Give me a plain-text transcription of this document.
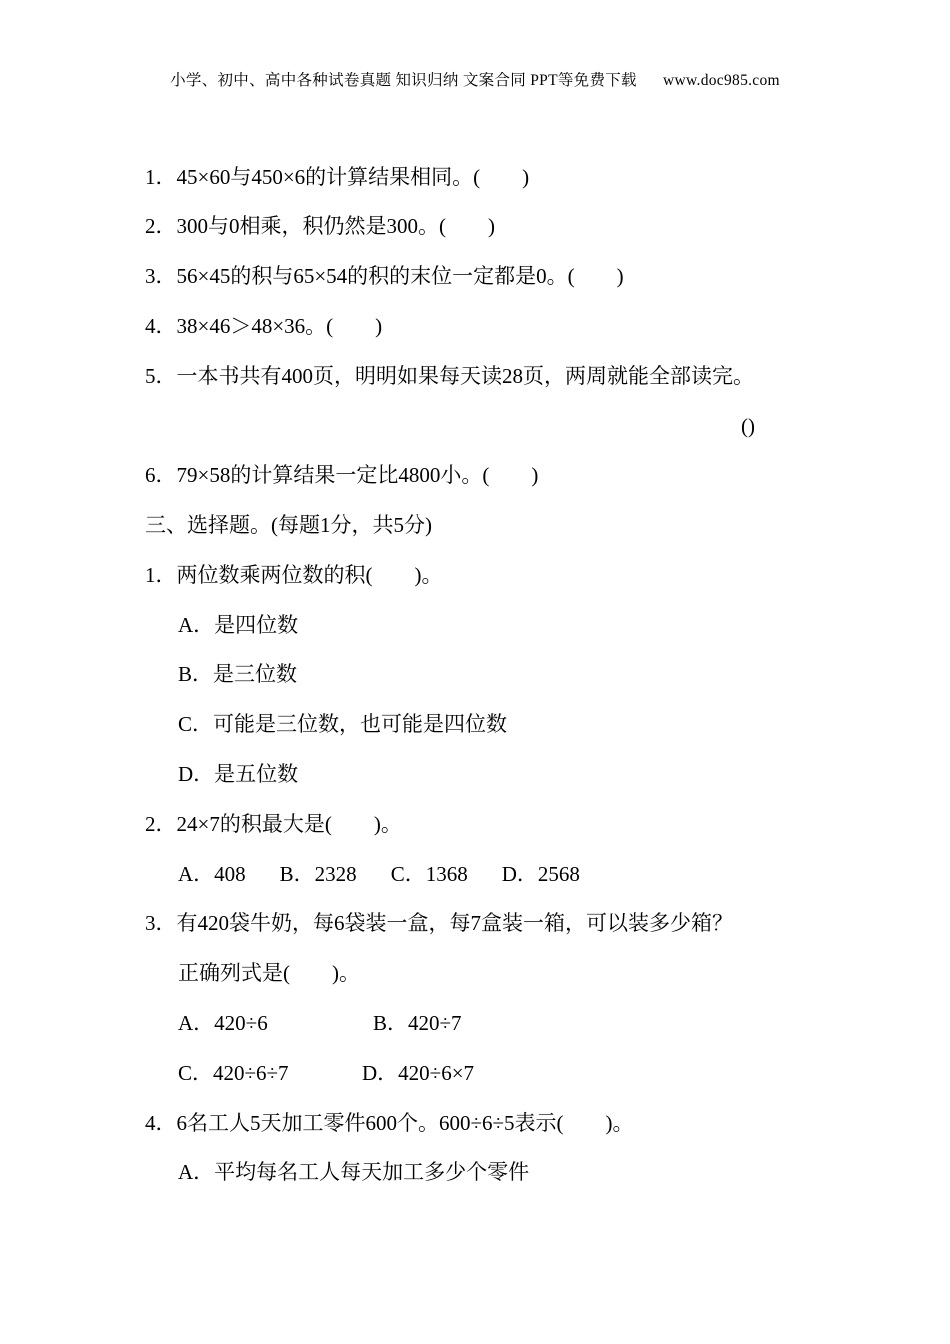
小学、初中、高中各种试卷真题 知识归纳 文案合同 PPT等免费下载 www.doc985.com
1．45×60与450×6的计算结果相同。(　　)
2．300与0相乘，积仍然是300。(　　)
3．56×45的积与65×54的积的末位一定都是0。(　　)
4．38×46＞48×36。(　　)
5．一本书共有400页，明明如果每天读28页，两周就能全部读完。
()
6．79×58的计算结果一定比4800小。(　　)
三、选择题。(每题1分，共5分)
1．两位数乘两位数的积(　　)。
A．是四位数
B．是三位数
C．可能是三位数，也可能是四位数
D．是五位数
2．24×7的积最大是(　　)。
A．408 B．2328 C．1368 D．2568
3．有420袋牛奶，每6袋装一盒，每7盒装一箱，可以装多少箱？
正确列式是(　　)。
A．420÷6	B．420÷7
C．420÷6÷7	D．420÷6×7
4．6名工人5天加工零件600个。600÷6÷5表示(　　)。
A．平均每名工人每天加工多少个零件
